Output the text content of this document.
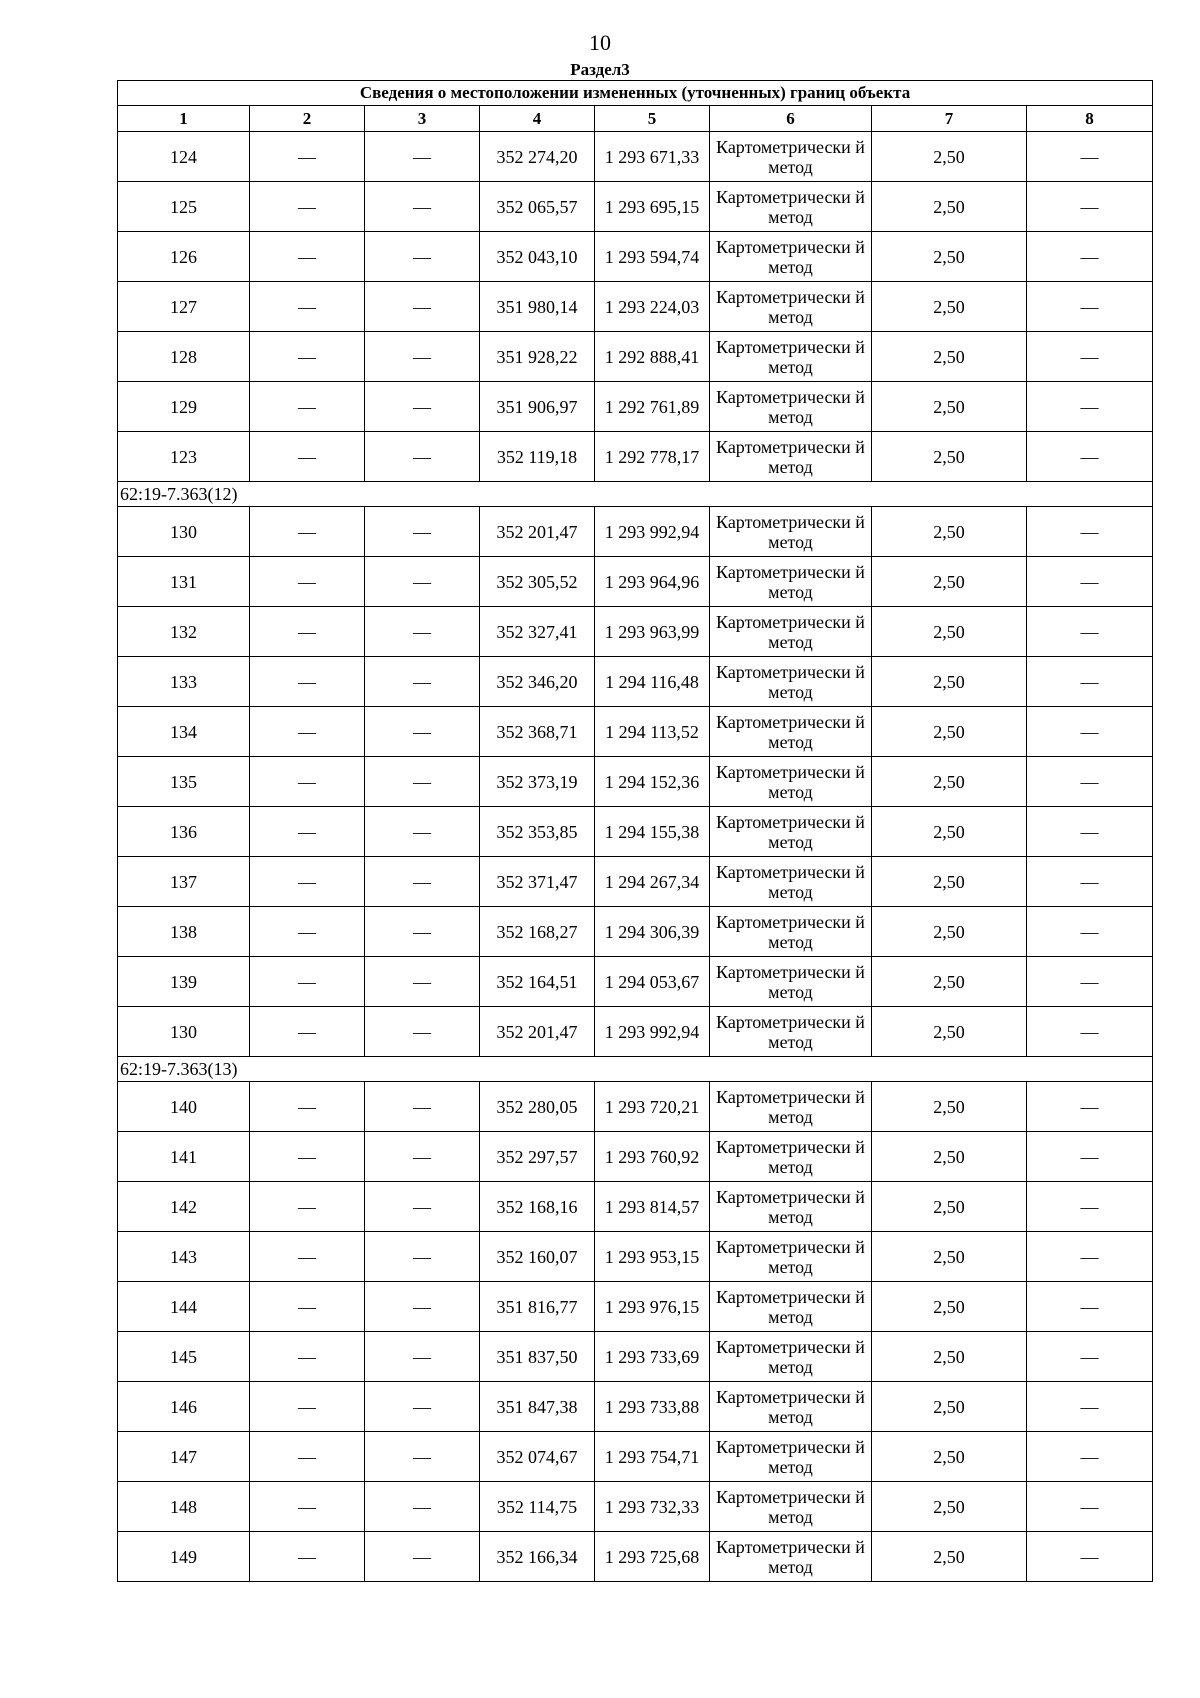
10
Раздел3
Сведения о местоположении измененных (уточненных) границ объекта							
1	2	3	4	5	6	7	8
124	—	—	352 274,20	1 293 671,33	Картометрически й метод	2,50	—
125	—	—	352 065,57	1 293 695,15	Картометрически й метод	2,50	—
126	—	—	352 043,10	1 293 594,74	Картометрически й метод	2,50	—
127	—	—	351 980,14	1 293 224,03	Картометрически й метод	2,50	—
128	—	—	351 928,22	1 292 888,41	Картометрически й метод	2,50	—
129	—	—	351 906,97	1 292 761,89	Картометрически й метод	2,50	—
123	—	—	352 119,18	1 292 778,17	Картометрически й метод	2,50	—
62:19-7.363(12)							
130	—	—	352 201,47	1 293 992,94	Картометрически й метод	2,50	—
131	—	—	352 305,52	1 293 964,96	Картометрически й метод	2,50	—
132	—	—	352 327,41	1 293 963,99	Картометрически й метод	2,50	—
133	—	—	352 346,20	1 294 116,48	Картометрически й метод	2,50	—
134	—	—	352 368,71	1 294 113,52	Картометрически й метод	2,50	—
135	—	—	352 373,19	1 294 152,36	Картометрически й метод	2,50	—
136	—	—	352 353,85	1 294 155,38	Картометрически й метод	2,50	—
137	—	—	352 371,47	1 294 267,34	Картометрически й метод	2,50	—
138	—	—	352 168,27	1 294 306,39	Картометрически й метод	2,50	—
139	—	—	352 164,51	1 294 053,67	Картометрически й метод	2,50	—
130	—	—	352 201,47	1 293 992,94	Картометрически й метод	2,50	—
62:19-7.363(13)							
140	—	—	352 280,05	1 293 720,21	Картометрически й метод	2,50	—
141	—	—	352 297,57	1 293 760,92	Картометрически й метод	2,50	—
142	—	—	352 168,16	1 293 814,57	Картометрически й метод	2,50	—
143	—	—	352 160,07	1 293 953,15	Картометрически й метод	2,50	—
144	—	—	351 816,77	1 293 976,15	Картометрически й метод	2,50	—
145	—	—	351 837,50	1 293 733,69	Картометрически й метод	2,50	—
146	—	—	351 847,38	1 293 733,88	Картометрически й метод	2,50	—
147	—	—	352 074,67	1 293 754,71	Картометрически й метод	2,50	—
148	—	—	352 114,75	1 293 732,33	Картометрически й метод	2,50	—
149	—	—	352 166,34	1 293 725,68	Картометрически й метод	2,50	—
